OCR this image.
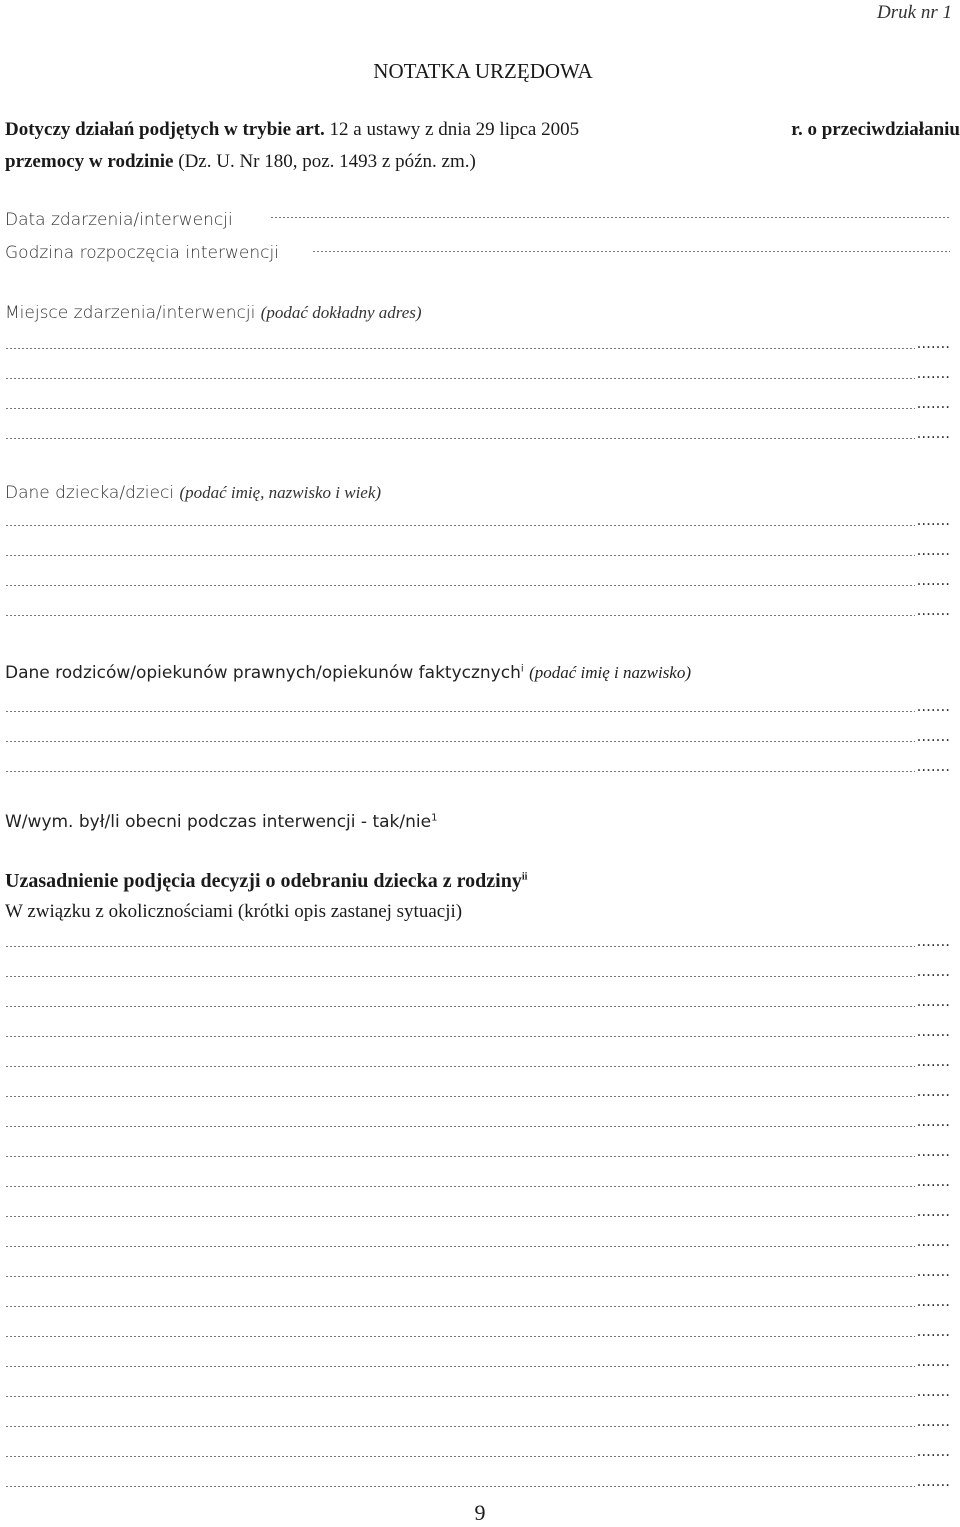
Druk nr 1
NOTATKA URZĘDOWA
Dotyczy działań podjętych w trybie art. 12 a ustawy z dnia 29 lipca 2005	r. o przeciwdziałaniu
przemocy w rodzinie (Dz. U. Nr 180, poz. 1493 z późn. zm.)
Data zdarzenia/interwencji
Godzina rozpoczęcia interwencji
Miejsce zdarzenia/interwencji (podać dokładny adres)
.......
.......
.......
.......
Dane dziecka/dzieci (podać imię, nazwisko i wiek)
.......
.......
.......
.......
Dane rodziców/opiekunów prawnych/opiekunów faktycznych$^i$ (podać imię i nazwisko)
.......
.......
.......
W/wym. był/li obecni podczas interwencji - tak/nie$^1$
Uzasadnienie podjęcia decyzji o odebraniu dziecka z rodziny$^{ii}$
W związku z okolicznościami (krótki opis zastanej sytuacji)
.......
.......
.......
.......
.......
.......
.......
.......
.......
.......
.......
.......
.......
.......
.......
.......
.......
.......
.......
9
